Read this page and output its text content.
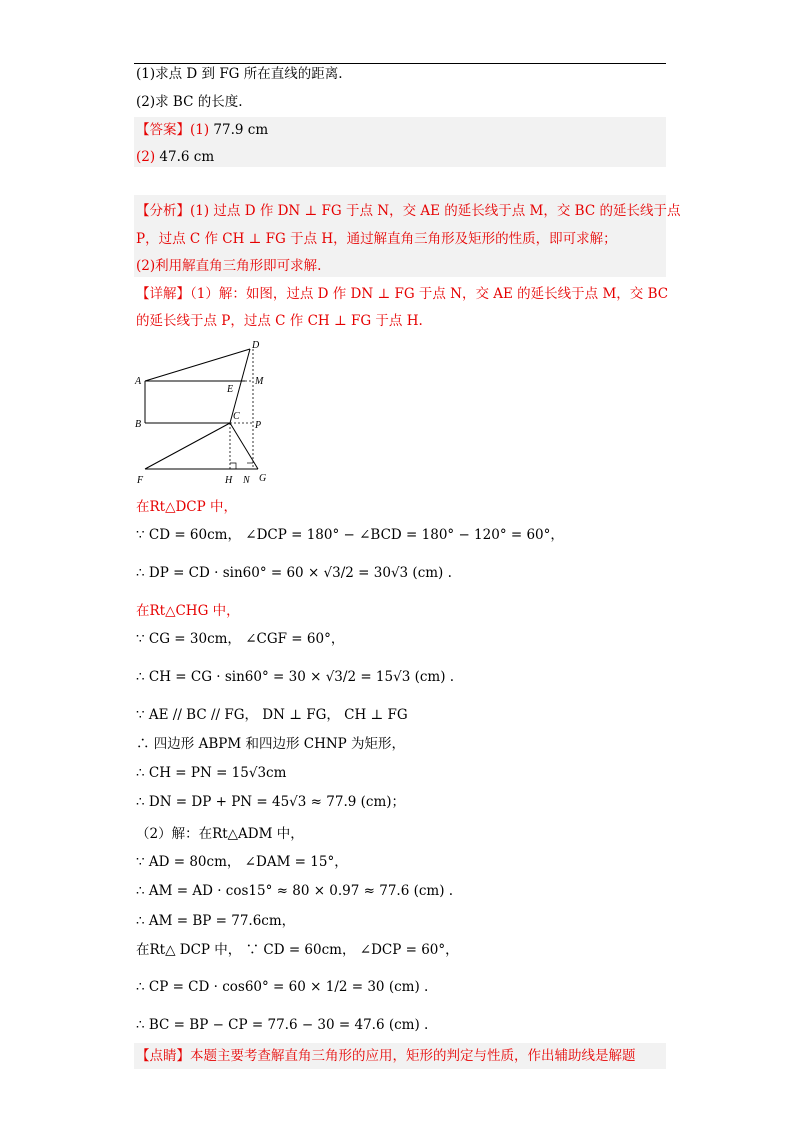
(1)求点 D 到 FG 所在直线的距离.
(2)求 BC 的长度.
【答案】(1) 77.9 cm
(2) 47.6 cm
【分析】(1) 过点 D 作 DN ⊥ FG 于点 N，交 AE 的延长线于点 M，交 BC 的延长线于点
P，过点 C 作 CH ⊥ FG 于点 H，通过解直角三角形及矩形的性质，即可求解；
(2)利用解直角三角形即可求解.
【详解】（1）解：如图，过点 D 作 DN ⊥ FG 于点 N，交 AE 的延长线于点 M，交 BC
的延长线于点 P，过点 C 作 CH ⊥ FG 于点 H.
D
A
E
M
B
C
P
F	H N G
在Rt△DCP 中，
∵ CD = 60cm， ∠DCP = 180° − ∠BCD = 180° − 120° = 60°，
∴ DP = CD · sin60° = 60 × √3/2 = 30√3 (cm) .
在Rt△CHG 中，
∵ CG = 30cm， ∠CGF = 60°，
∴ CH = CG · sin60° = 30 × √3/2 = 15√3 (cm) .
∵ AE // BC // FG， DN ⊥ FG， CH ⊥ FG
∴ 四边形 ABPM 和四边形 CHNP 为矩形，
∴ CH = PN = 15√3cm
∴ DN = DP + PN = 45√3 ≈ 77.9 (cm)；
（2）解：在Rt△ADM 中，
∵ AD = 80cm， ∠DAM = 15°，
∴ AM = AD · cos15° ≈ 80 × 0.97 ≈ 77.6 (cm) .
∴ AM = BP = 77.6cm，
在Rt△ DCP 中， ∵ CD = 60cm， ∠DCP = 60°，
∴ CP = CD · cos60° = 60 × 1/2 = 30 (cm) .
∴ BC = BP − CP = 77.6 − 30 = 47.6 (cm) .
【点睛】本题主要考查解直角三角形的应用，矩形的判定与性质，作出辅助线是解题
